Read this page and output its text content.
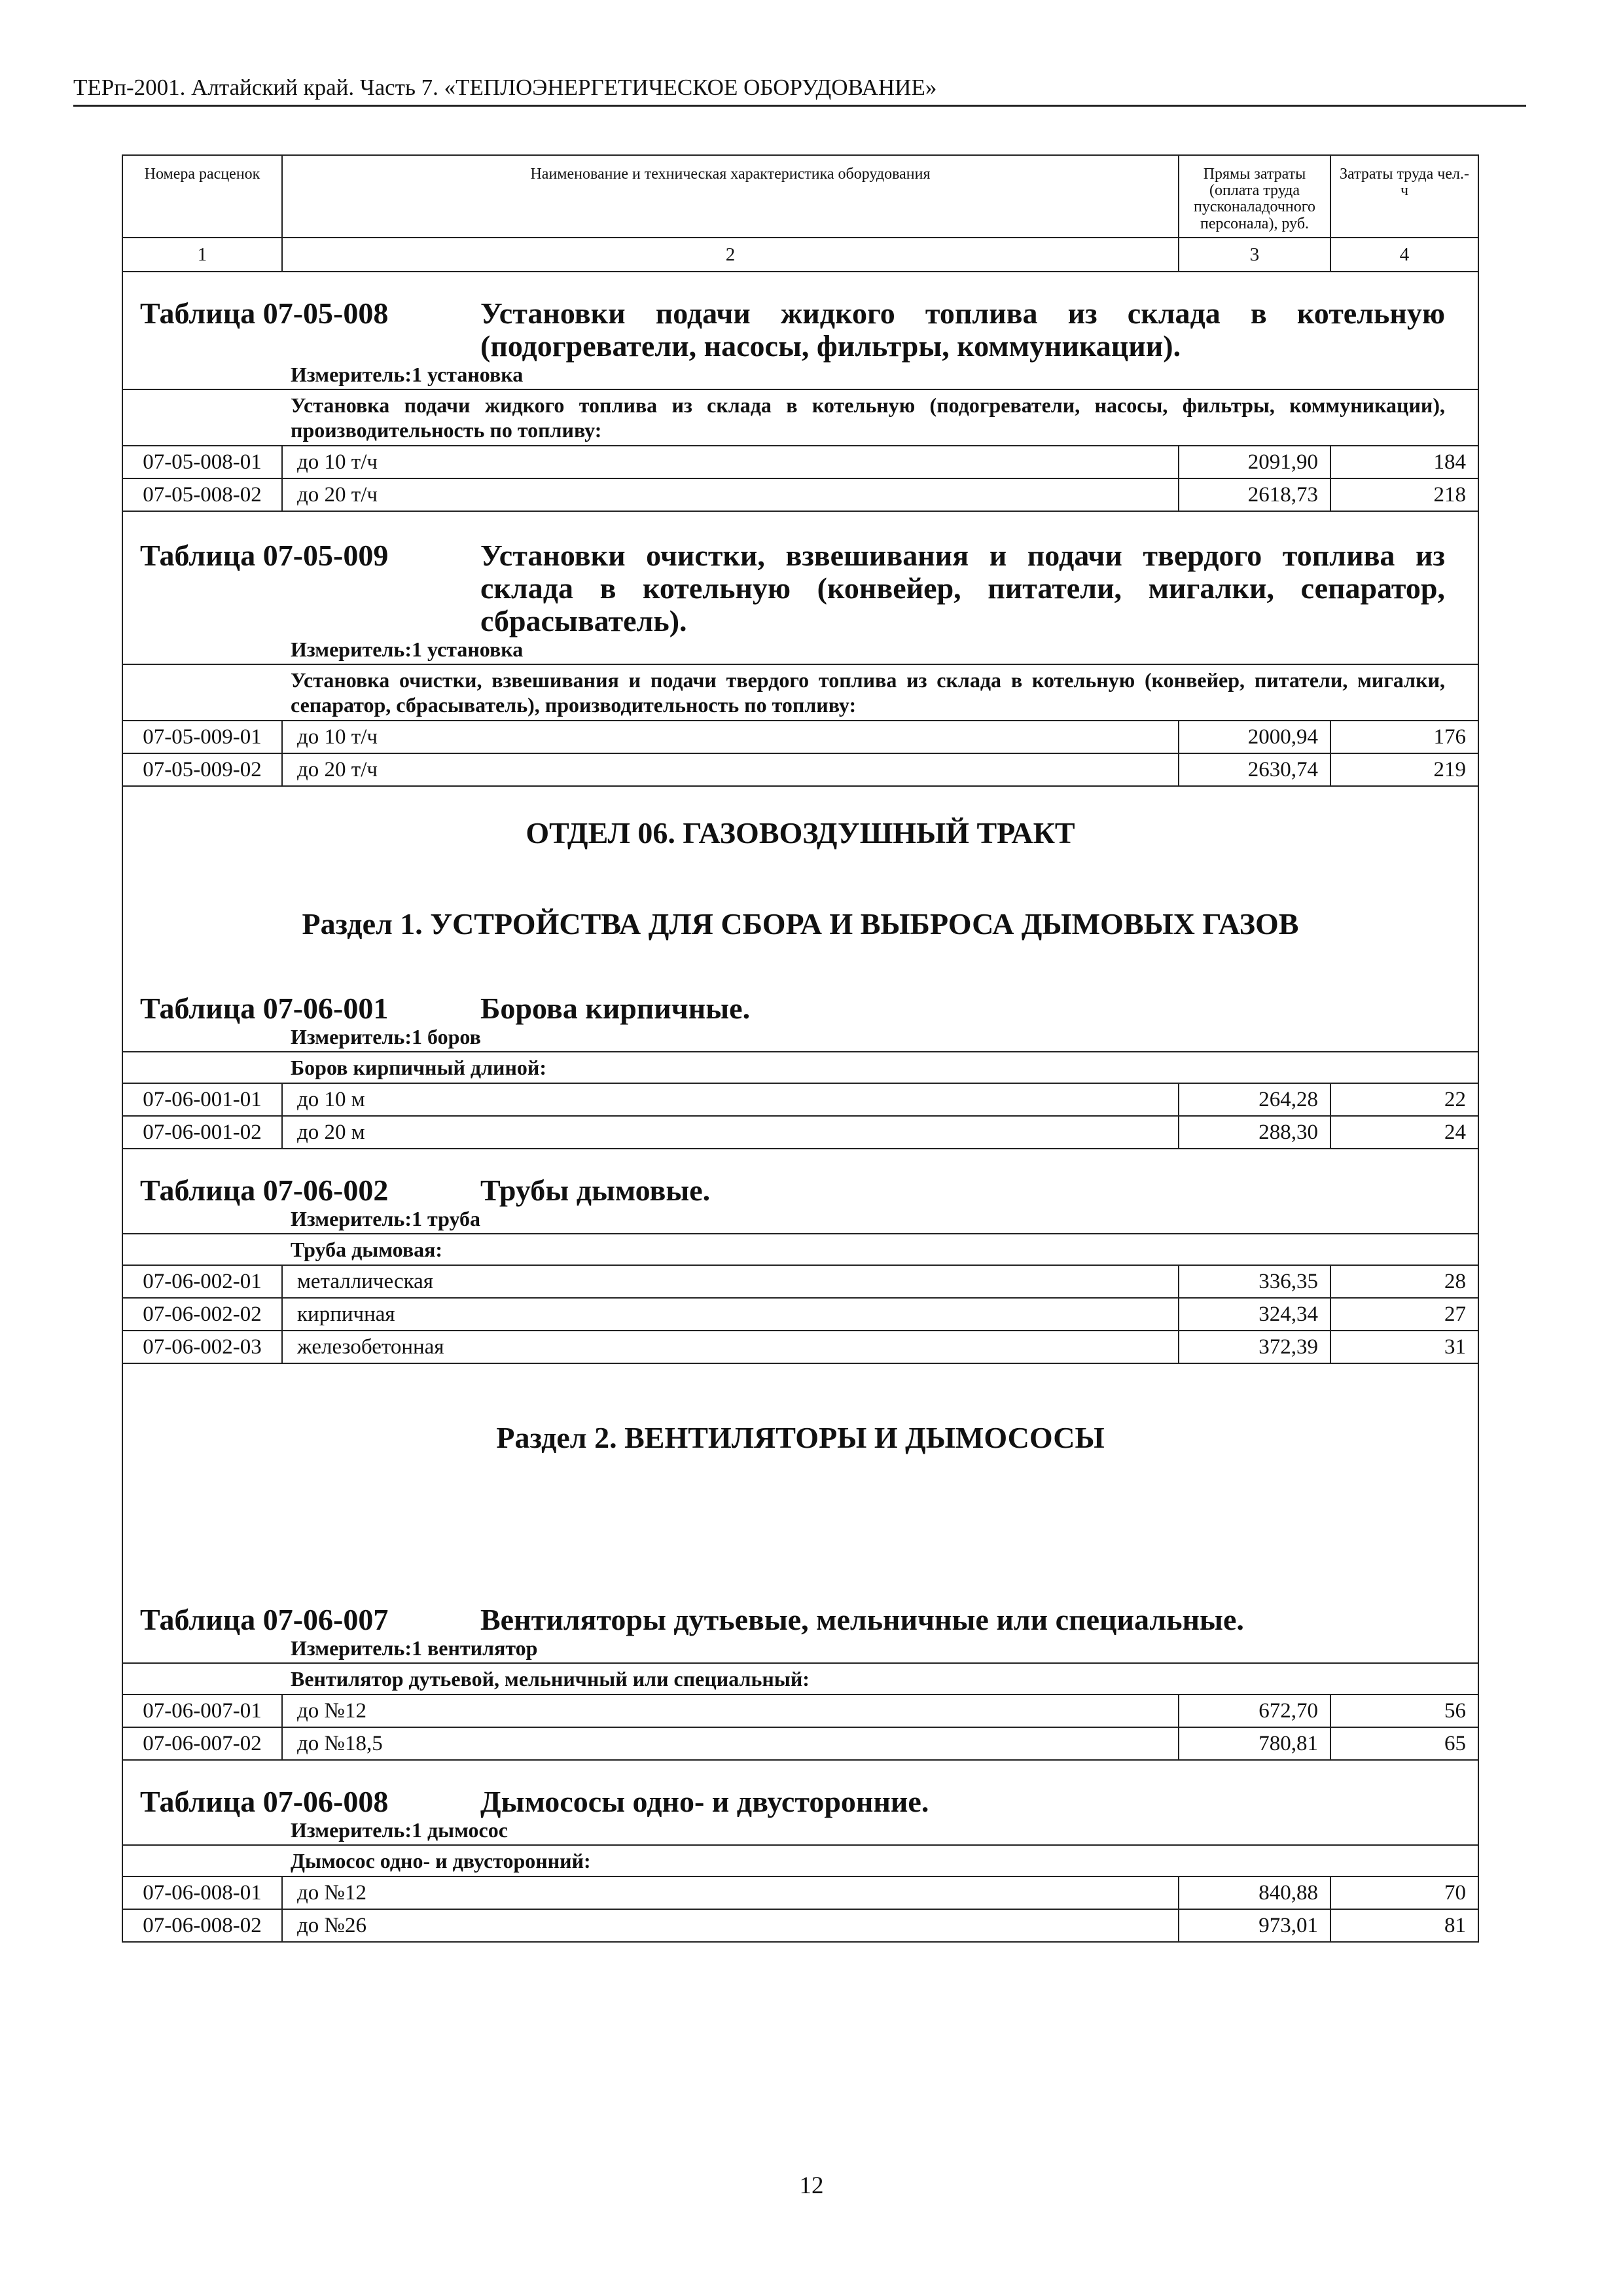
ТЕРп-2001. Алтайский край. Часть 7. «ТЕПЛОЭНЕРГЕТИЧЕСКОЕ ОБОРУДОВАНИЕ»
Номера расценок	Наименование и техническая характеристика оборудования	Прямы затраты (оплата труда пусконаладочного персонала), руб.	Затраты труда чел.-ч
1	2	3	4

Таблица 07-05-008 Установки подачи жидкого топлива из склада в котельную (подогреватели, насосы, фильтры, коммуникации).
Измеритель:1 установка			

Установка подачи жидкого топлива из склада в котельную (подогреватели, насосы, фильтры, коммуникации), производительность по топливу:			
07-05-008-01	до 10 т/ч	2091,90	184
07-05-008-02	до 20 т/ч	2618,73	218

Таблица 07-05-009 Установки очистки, взвешивания и подачи твердого топлива из склада в котельную (конвейер, питатели, мигалки, сепаратор, сбрасыватель).
Измеритель:1 установка			

Установка очистки, взвешивания и подачи твердого топлива из склада в котельную (конвейер, питатели, мигалки, сепаратор, сбрасыватель), производительность по топливу:			
07-05-009-01	до 10 т/ч	2000,94	176
07-05-009-02	до 20 т/ч	2630,74	219

ОТДЕЛ 06. ГАЗОВОЗДУШНЫЙ ТРАКТ
Раздел 1. УСТРОЙСТВА ДЛЯ СБОРА И ВЫБРОСА ДЫМОВЫХ ГАЗОВ			

Таблица 07-06-001 Борова кирпичные.
Измеритель:1 боров			

Боров кирпичный длиной:			
07-06-001-01	до 10 м	264,28	22
07-06-001-02	до 20 м	288,30	24

Таблица 07-06-002 Трубы дымовые.
Измеритель:1 труба			

Труба дымовая:			
07-06-002-01	металлическая	336,35	28
07-06-002-02	кирпичная	324,34	27
07-06-002-03	железобетонная	372,39	31

Раздел 2. ВЕНТИЛЯТОРЫ И ДЫМОСОСЫ			

Таблица 07-06-007 Вентиляторы дутьевые, мельничные или специальные.
Измеритель:1 вентилятор			

Вентилятор дутьевой, мельничный или специальный:			
07-06-007-01	до №12	672,70	56
07-06-007-02	до №18,5	780,81	65

Таблица 07-06-008 Дымососы одно- и двусторонние.
Измеритель:1 дымосос			

Дымосос одно- и двусторонний:			
07-06-008-01	до №12	840,88	70
07-06-008-02	до №26	973,01	81
12
